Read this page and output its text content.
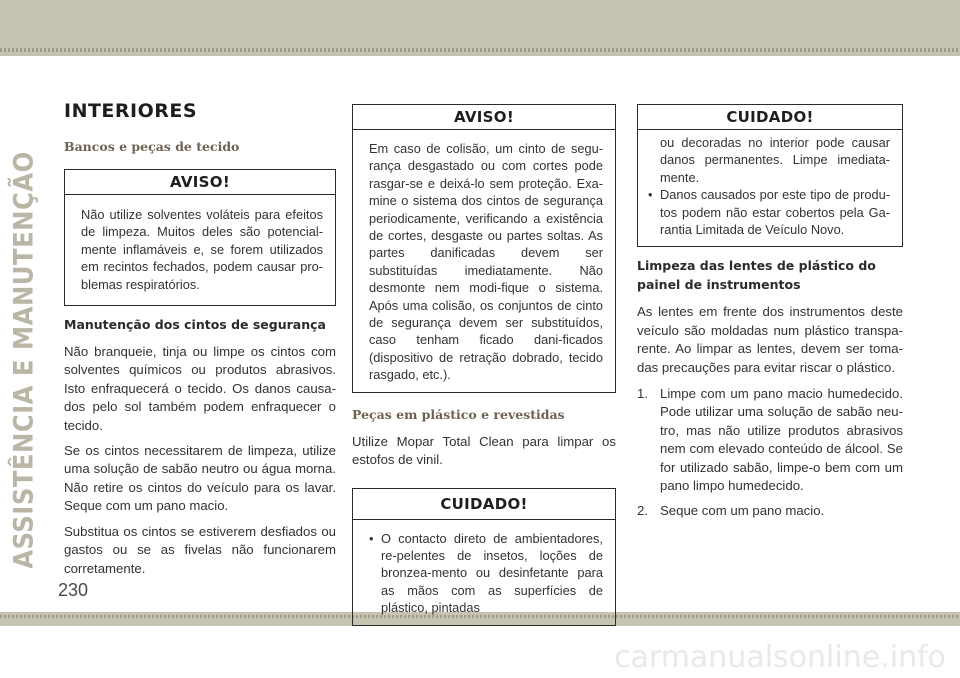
ASSISTÊNCIA E MANUTENÇÃO
INTERIORES
Bancos e peças de tecido
AVISO!
Não utilize solventes voláteis para efeitos de limpeza. Muitos deles são potencial-mente inflamáveis e, se forem utilizados em recintos fechados, podem causar pro-blemas respiratórios.
Manutenção dos cintos de segurança

Não branqueie, tinja ou limpe os cintos com solventes químicos ou produtos abrasivos. Isto enfraquecerá o tecido. Os danos causa-dos pelo sol também podem enfraquecer o tecido.

Se os cintos necessitarem de limpeza, utilize uma solução de sabão neutro ou água morna. Não retire os cintos do veículo para os lavar. Seque com um pano macio.

Substitua os cintos se estiverem desfiados ou gastos ou se as fivelas não funcionarem corretamente.

AVISO!
Em caso de colisão, um cinto de segu-rança desgastado ou com cortes pode rasgar-se e deixá-lo sem proteção. Exa-mine o sistema dos cintos de segurança periodicamente, verificando a existência de cortes, desgaste ou partes soltas. As partes danificadas devem ser substituídas imediatamente. Não desmonte nem modi-fique o sistema. Após uma colisão, os conjuntos de cinto de segurança devem ser substituídos, caso tenham ficado dani-ficados (dispositivo de retração dobrado, tecido rasgado, etc.).
Peças em plástico e revestidas

Utilize Mopar Total Clean para limpar os estofos de vinil.

CUIDADO!
• O contacto direto de ambientadores, re-pelentes de insetos, loções de bronzea-mento ou desinfetante para as mãos com as superfícies de plástico, pintadas
CUIDADO!
ou decoradas no interior pode causar danos permanentes. Limpe imediata-mente.
• Danos causados por este tipo de produ-tos podem não estar cobertos pela Ga-rantia Limitada de Veículo Novo.
Limpeza das lentes de plástico do painel de instrumentos

As lentes em frente dos instrumentos deste veículo são moldadas num plástico transpa-rente. Ao limpar as lentes, devem ser toma-das precauções para evitar riscar o plástico.

1. Limpe com um pano macio humedecido. Pode utilizar uma solução de sabão neu-tro, mas não utilize produtos abrasivos nem com elevado conteúdo de álcool. Se for utilizado sabão, limpe-o bem com um pano limpo humedecido.
2. Seque com um pano macio.
230
carmanualsonline.info
